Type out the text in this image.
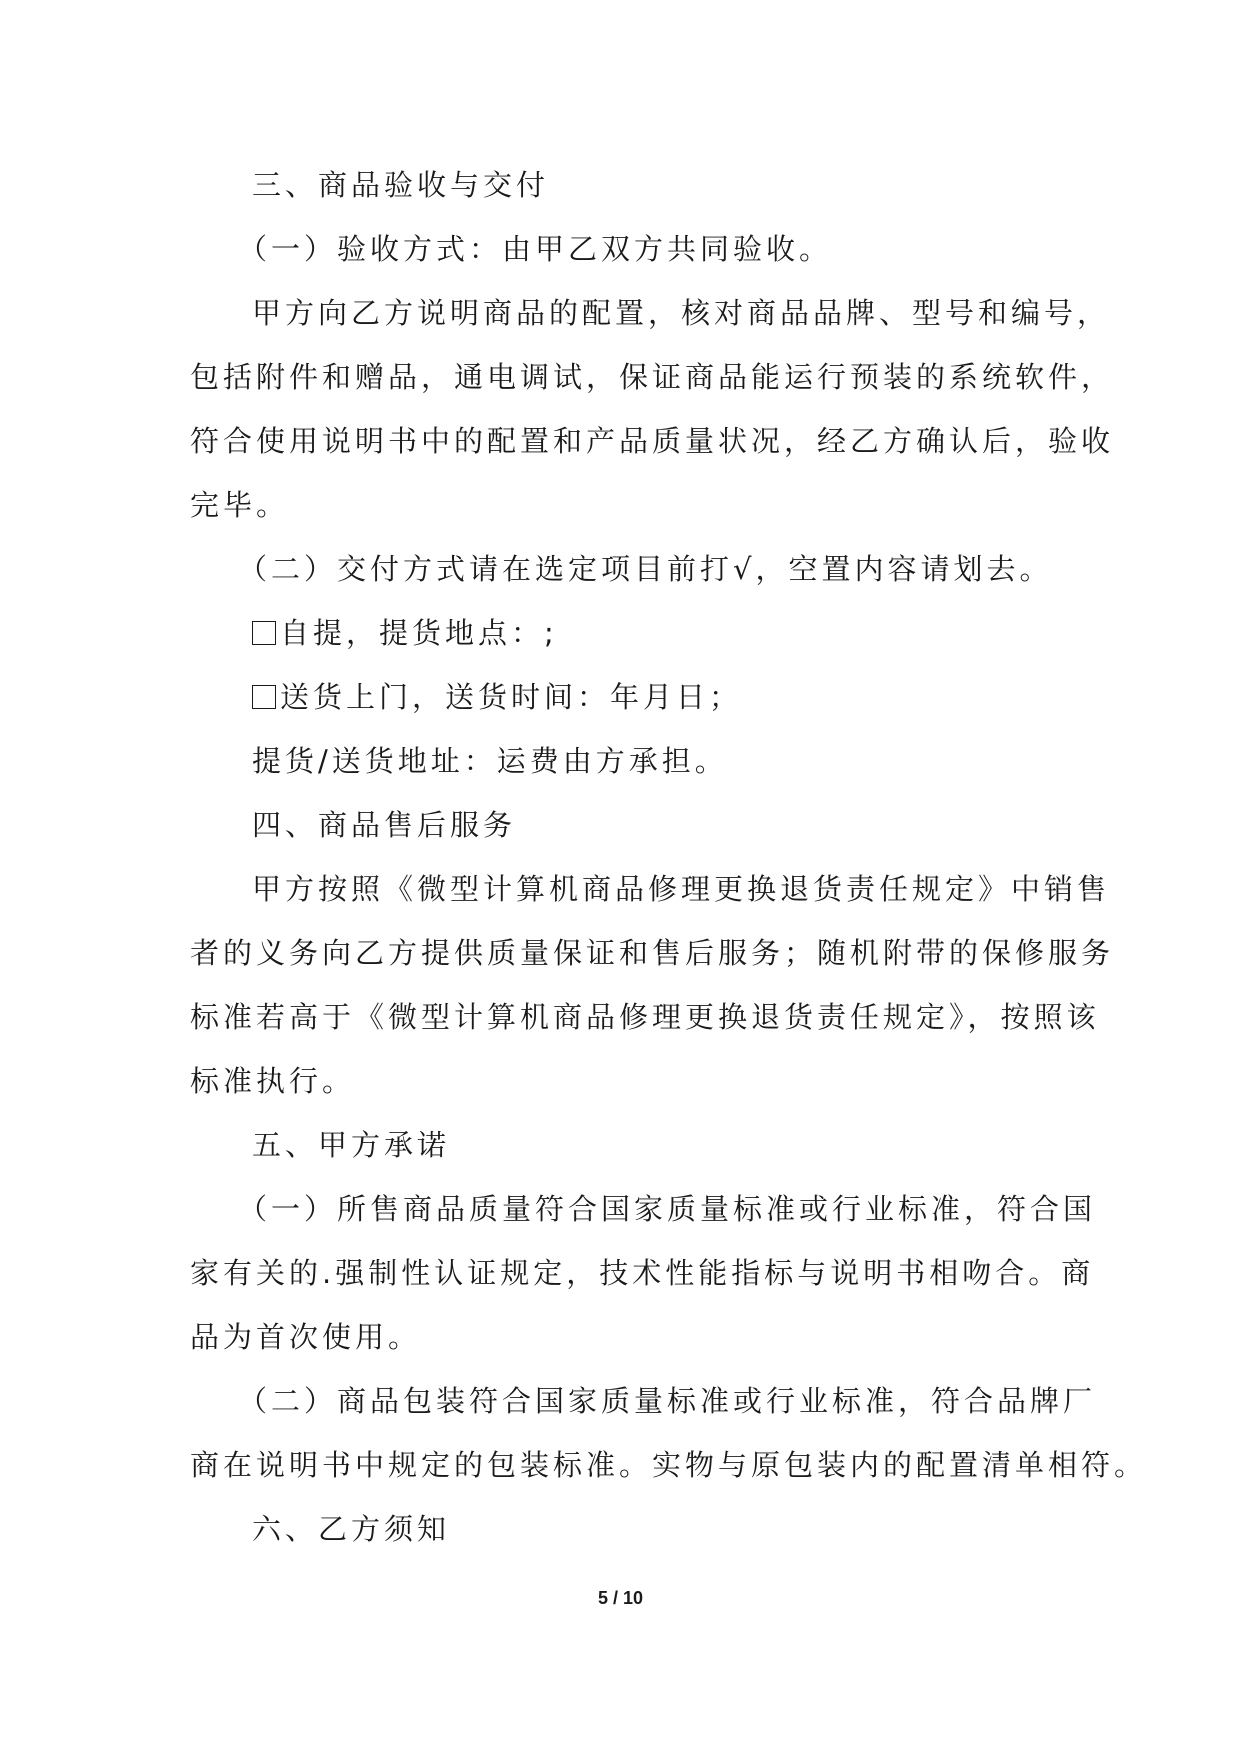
三、商品验收与交付
（一）验收方式：由甲乙双方共同验收。
甲方向乙方说明商品的配置，核对商品品牌、型号和编号，
包括附件和赠品，通电调试，保证商品能运行预装的系统软件，
符合使用说明书中的配置和产品质量状况，经乙方确认后，验收
完毕。
（二）交付方式请在选定项目前打√，空置内容请划去。
自提，提货地点：;
送货上门，送货时间：年月日；
提货/送货地址：运费由方承担。
四、商品售后服务
甲方按照《微型计算机商品修理更换退货责任规定》中销售
者的义务向乙方提供质量保证和售后服务；随机附带的保修服务
标准若高于《微型计算机商品修理更换退货责任规定》，按照该
标准执行。
五、甲方承诺
（一）所售商品质量符合国家质量标准或行业标准，符合国
家有关的.强制性认证规定，技术性能指标与说明书相吻合。商
品为首次使用。
（二）商品包装符合国家质量标准或行业标准，符合品牌厂
商在说明书中规定的包装标准。实物与原包装内的配置清单相符。
六、乙方须知
5 / 10
